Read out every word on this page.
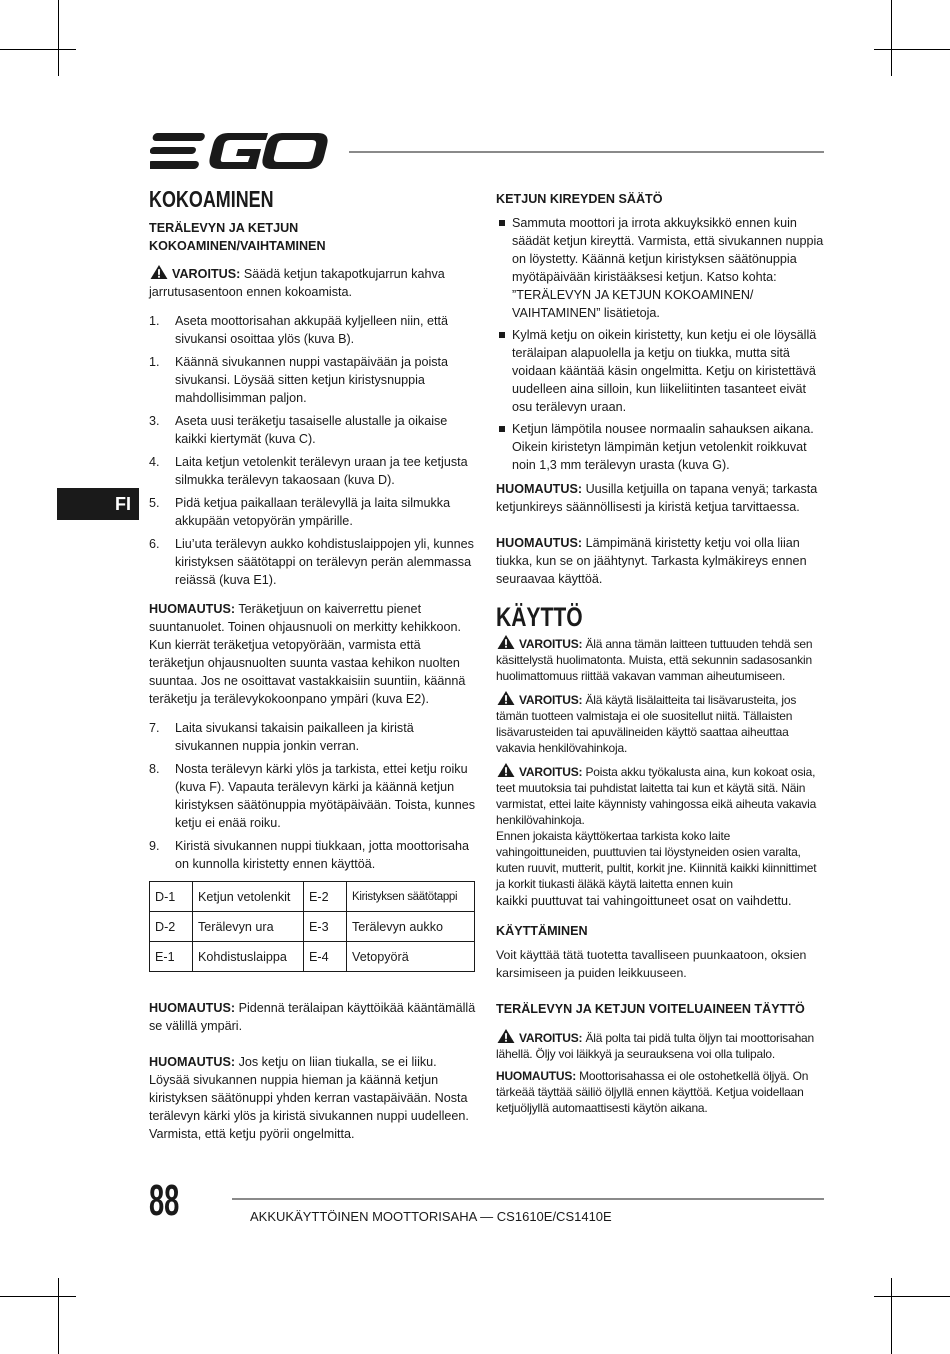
FI
KOKOAMINEN
TERÄLEVYN JA KETJUN KOKOAMINEN/VAIHTAMINEN

VAROITUS: Säädä ketjun takapotkujarrun kahva jarrutusasentoon ennen kokoamista.

1. Aseta moottorisahan akkupää kyljelleen niin, että sivukansi osoittaa ylös (kuva B).
1. Käännä sivukannen nuppi vastapäivään ja poista sivukansi. Löysää sitten ketjun kiristysnuppia mahdollisimman paljon.
3. Aseta uusi teräketju tasaiselle alustalle ja oikaise kaikki kiertymät (kuva C).
4. Laita ketjun vetolenkit terälevyn uraan ja tee ketjusta silmukka terälevyn takaosaan (kuva D).
5. Pidä ketjua paikallaan terälevyllä ja laita silmukka akkupään vetopyörän ympärille.
6. Liu’uta terälevyn aukko kohdistuslaippojen yli, kunnes kiristyksen säätötappi on terälevyn perän alemmassa reiässä (kuva E1).

HUOMAUTUS: Teräketjuun on kaiverrettu pienet suuntanuolet. Toinen ohjausnuoli on merkitty kehikkoon. Kun kierrät teräketjua vetopyörään, varmista että teräketjun ohjausnuolten suunta vastaa kehikon nuolten suuntaa. Jos ne osoittavat vastakkaisiin suuntiin, käännä teräketju ja terälevykokoonpano ympäri (kuva E2).

7. Laita sivukansi takaisin paikalleen ja kiristä sivukannen nuppia jonkin verran.
8. Nosta terälevyn kärki ylös ja tarkista, ettei ketju roiku (kuva F). Vapauta terälevyn kärki ja käännä ketjun kiristyksen säätönuppia myötäpäivään. Toista, kunnes ketju ei enää roiku.
9. Kiristä sivukannen nuppi tiukkaan, jotta moottorisaha on kunnolla kiristetty ennen käyttöä.
D-1	Ketjun vetolenkit	E-2	Kiristyksen säätötappi
D-2	Terälevyn ura	E-3	Terälevyn aukko
E-1	Kohdistuslaippa	E-4	Vetopyörä

HUOMAUTUS: Pidennä terälaipan käyttöikää kääntämällä se välillä ympäri.

HUOMAUTUS: Jos ketju on liian tiukalla, se ei liiku. Löysää sivukannen nuppia hieman ja käännä ketjun kiristyksen säätönuppi yhden kerran vastapäivään. Nosta terälevyn kärki ylös ja kiristä sivukannen nuppi uudelleen. Varmista, että ketju pyörii ongelmitta.

KETJUN KIREYDEN SÄÄTÖ
Sammuta moottori ja irrota akkuyksikkö ennen kuin säädät ketjun kireyttä. Varmista, että sivukannen nuppia on löystetty. Käännä ketjun kiristyksen säätönuppia myötäpäivään kiristääksesi ketjun. Katso kohta: ”TERÄLEVYN JA KETJUN KOKOAMINEN/ VAIHTAMINEN” lisätietoja.
Kylmä ketju on oikein kiristetty, kun ketju ei ole löysällä terälaipan alapuolella ja ketju on tiukka, mutta sitä voidaan kääntää käsin ongelmitta. Ketju on kiristettävä uudelleen aina silloin, kun liikeliitinten tasanteet eivät osu terälevyn uraan.
Ketjun lämpötila nousee normaalin sahauksen aikana. Oikein kiristetyn lämpimän ketjun vetolenkit roikkuvat noin 1,3 mm terälevyn urasta (kuva G).

HUOMAUTUS: Uusilla ketjuilla on tapana venyä; tarkasta ketjunkireys säännöllisesti ja kiristä ketjua tarvittaessa.

HUOMAUTUS: Lämpimänä kiristetty ketju voi olla liian tiukka, kun se on jäähtynyt. Tarkasta kylmäkireys ennen seuraavaa käyttöä.

KÄYTTÖ

VAROITUS: Älä anna tämän laitteen tuttuuden tehdä sen käsittelystä huolimatonta. Muista, että sekunnin sadasosankin huolimattomuus riittää vakavan vamman aiheutumiseen.

VAROITUS: Älä käytä lisälaitteita tai lisävarusteita, jos tämän tuotteen valmistaja ei ole suositellut niitä. Tällaisten lisävarusteiden tai apuvälineiden käyttö saattaa aiheuttaa vakavia henkilövahinkoja.

VAROITUS: Poista akku työkalusta aina, kun kokoat osia, teet muutoksia tai puhdistat laitetta tai kun et käytä sitä. Näin varmistat, ettei laite käynnisty vahingossa eikä aiheuta vakavia henkilövahinkoja.

Ennen jokaista käyttökertaa tarkista koko laite vahingoittuneiden, puuttuvien tai löystyneiden osien varalta, kuten ruuvit, mutterit, pultit, korkit jne. Kiinnitä kaikki kiinnittimet ja korkit tiukasti äläkä käytä laitetta ennen kuin

kaikki puuttuvat tai vahingoittuneet osat on vaihdettu.

KÄYTTÄMINEN

Voit käyttää tätä tuotetta tavalliseen puunkaatoon, oksien karsimiseen ja puiden leikkuuseen.

TERÄLEVYN JA KETJUN VOITELUAINEEN TÄYTTÖ

VAROITUS: Älä polta tai pidä tulta öljyn tai moottorisahan lähellä. Öljy voi läikkyä ja seurauksena voi olla tulipalo.

HUOMAUTUS: Moottorisahassa ei ole ostohetkellä öljyä. On tärkeää täyttää säiliö öljyllä ennen käyttöä. Ketjua voidellaan ketjuöljyllä automaattisesti käytön aikana.

88	AKKUKÄYTTÖINEN MOOTTORISAHA — CS1610E/CS1410E
